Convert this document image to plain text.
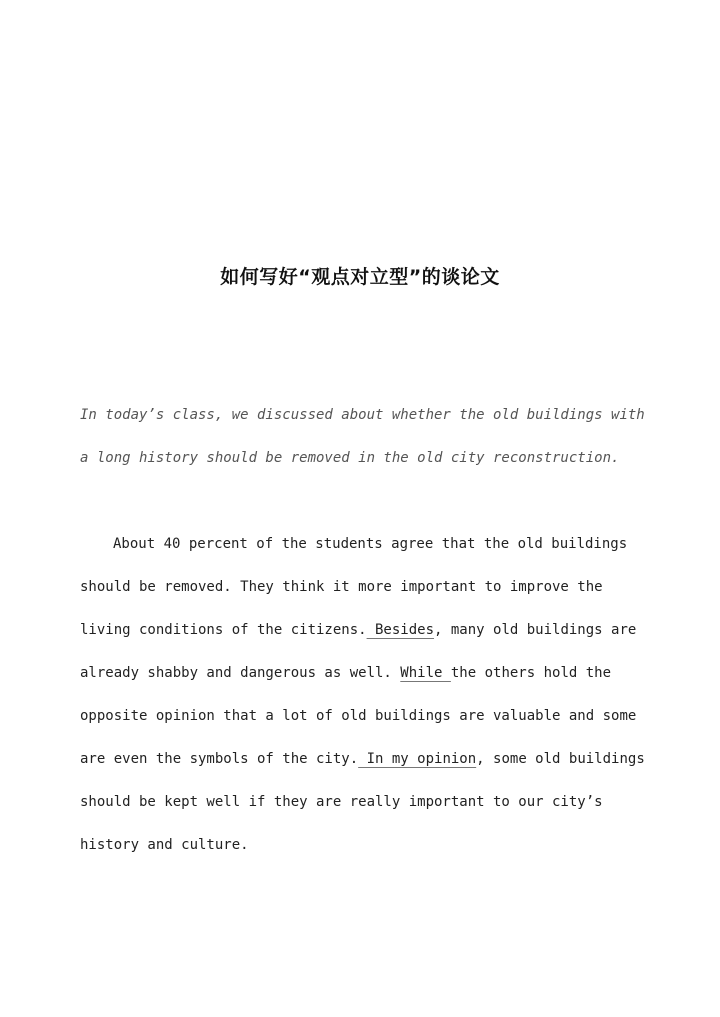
如何写好“观点对立型”的谈论文

In today’s class, we discussed about whether the old buildings with a long history should be removed in the old city reconstruction.

About 40 percent of the students agree that the old buildings should be removed. They think it more important to improve the living conditions of the citizens. Besides, many old buildings are already shabby and dangerous as well. While the others hold the opposite opinion that a lot of old buildings are valuable and some are even the symbols of the city. In my opinion, some old buildings should be kept well if they are really important to our city’s history and culture.
